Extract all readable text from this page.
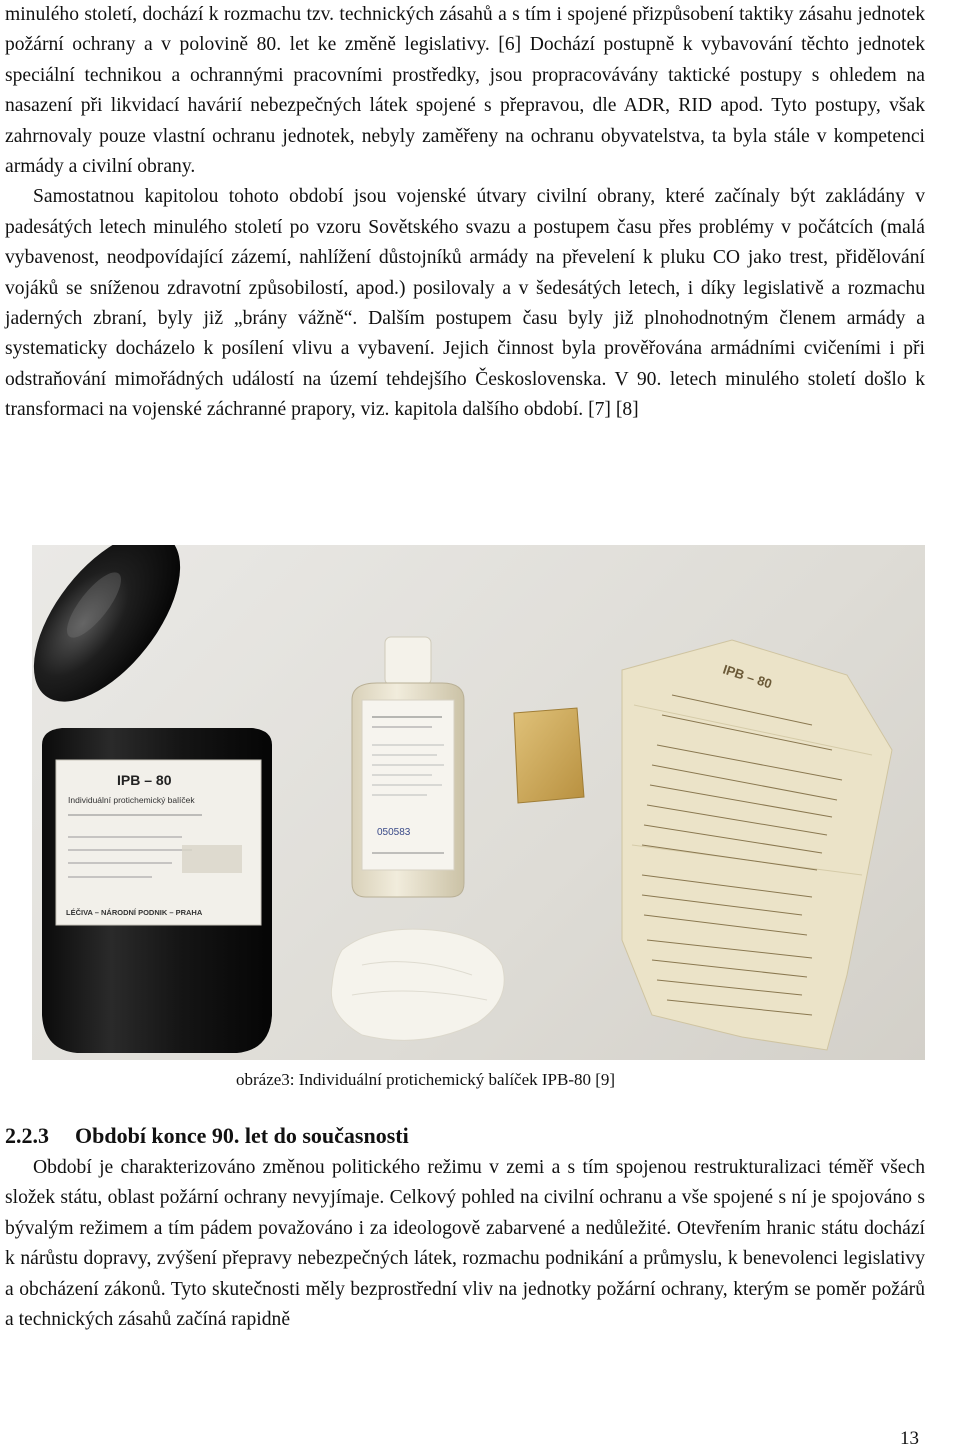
minulého století, dochází k rozmachu tzv. technických zásahů a s tím i spojené přizpůsobení taktiky zásahu jednotek požární ochrany a v polovině 80. let ke změně legislativy. [6] Dochází postupně k vybavování těchto jednotek speciální technikou a ochrannými pracovními prostředky, jsou propracovávány taktické postupy s ohledem na nasazení při likvidací havárií nebezpečných látek spojené s přepravou, dle ADR, RID apod. Tyto postupy, však zahrnovaly pouze vlastní ochranu jednotek, nebyly zaměřeny na ochranu obyvatelstva, ta byla stále v kompetenci armády a civilní obrany.

Samostatnou kapitolou tohoto období jsou vojenské útvary civilní obrany, které začínaly být zakládány v padesátých letech minulého století po vzoru Sovětského svazu a postupem času přes problémy v počátcích (malá vybavenost, neodpovídající zázemí, nahlížení důstojníků armády na převelení k pluku CO jako trest, přidělování vojáků se sníženou zdravotní způsobilostí, apod.) posilovaly a v šedesátých letech, i díky legislativě a rozmachu jaderných zbraní, byly již „brány vážně“. Dalším postupem času byly již plnohodnotným členem armády a systematicky docházelo k posílení vlivu a vybavení. Jejich činnost byla prověřována armádními cvičeními i při odstraňování mimořádných událostí na území tehdejšího Československa. V 90. letech minulého století došlo k transformaci na vojenské záchranné prapory, viz. kapitola dalšího období. [7] [8]

IPB – 80
Individuální protichemický balíček
LÉČIVA – NÁRODNÍ PODNIK – PRAHA
050583
IPB – 80
obráze3: Individuální protichemický balíček IPB-80 [9]
2.2.3 Období konce 90. let do současnosti

Období je charakterizováno změnou politického režimu v zemi a s tím spojenou restrukturalizaci téměř všech složek státu, oblast požární ochrany nevyjímaje. Celkový pohled na civilní ochranu a vše spojené s ní je spojováno s bývalým režimem a tím pádem považováno i za ideologově zabarvené a nedůležité. Otevřením hranic státu dochází k nárůstu dopravy, zvýšení přepravy nebezpečných látek, rozmachu podnikání a průmyslu, k benevolenci legislativy a obcházení zákonů. Tyto skutečnosti měly bezprostřední vliv na jednotky požární ochrany, kterým se poměr požárů a technických zásahů začíná rapidně

13
